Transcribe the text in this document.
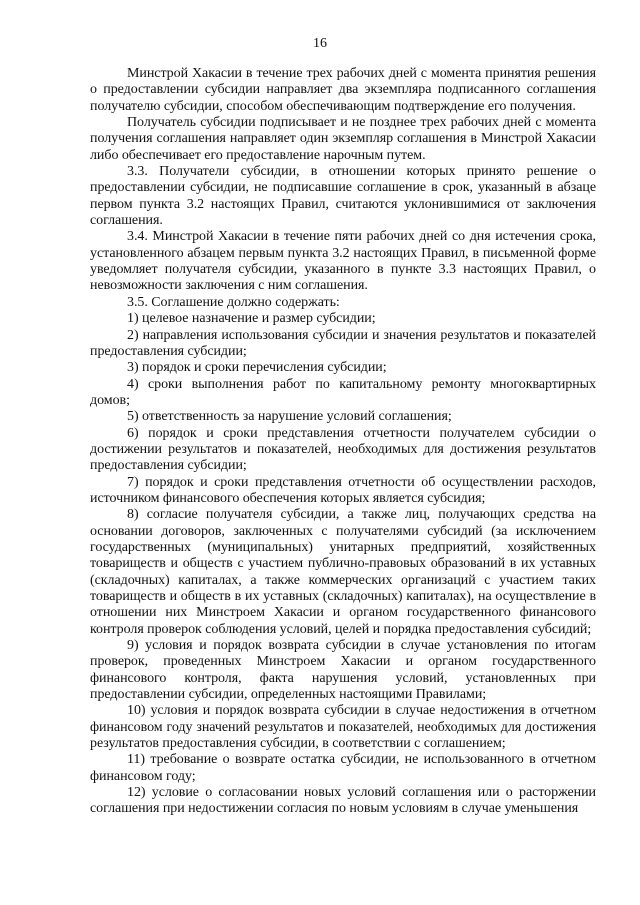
16

Минстрой Хакасии в течение трех рабочих дней с момента принятия решения о предоставлении субсидии направляет два экземпляра подписанного соглашения получателю субсидии, способом обеспечивающим подтверждение его получения.

Получатель субсидии подписывает и не позднее трех рабочих дней с момента получения соглашения направляет один экземпляр соглашения в Минстрой Хакасии либо обеспечивает его предоставление нарочным путем.

3.3. Получатели субсидии, в отношении которых принято решение о предоставлении субсидии, не подписавшие соглашение в срок, указанный в абзаце первом пункта 3.2 настоящих Правил, считаются уклонившимися от заключения соглашения.

3.4. Минстрой Хакасии в течение пяти рабочих дней со дня истечения срока, установленного абзацем первым пункта 3.2 настоящих Правил, в письменной форме уведомляет получателя субсидии, указанного в пункте 3.3 настоящих Правил, о невозможности заключения с ним соглашения.

3.5. Соглашение должно содержать:

1) целевое назначение и размер субсидии;

2) направления использования субсидии и значения результатов и показателей предоставления субсидии;

3) порядок и сроки перечисления субсидии;

4) сроки выполнения работ по капитальному ремонту многоквартирных домов;

5) ответственность за нарушение условий соглашения;

6) порядок и сроки представления отчетности получателем субсидии о достижении результатов и показателей, необходимых для достижения результатов предоставления субсидии;

7) порядок и сроки представления отчетности об осуществлении расходов, источником финансового обеспечения которых является субсидия;

8) согласие получателя субсидии, а также лиц, получающих средства на основании договоров, заключенных с получателями субсидий (за исключением государственных (муниципальных) унитарных предприятий, хозяйственных товариществ и обществ с участием публично-правовых образований в их уставных (складочных) капиталах, а также коммерческих организаций с участием таких товариществ и обществ в их уставных (складочных) капиталах), на осуществление в отношении них Минстроем Хакасии и органом государственного финансового контроля проверок соблюдения условий, целей и порядка предоставления субсидий;

9) условия и порядок возврата субсидии в случае установления по итогам проверок, проведенных Минстроем Хакасии и органом государственного финансового контроля, факта нарушения условий, установленных при предоставлении субсидии, определенных настоящими Правилами;

10) условия и порядок возврата субсидии в случае недостижения в отчетном финансовом году значений результатов и показателей, необходимых для достижения результатов предоставления субсидии, в соответствии с соглашением;

11) требование о возврате остатка субсидии, не использованного в отчетном финансовом году;

12) условие о согласовании новых условий соглашения или о расторжении соглашения при недостижении согласия по новым условиям в случае уменьшения
